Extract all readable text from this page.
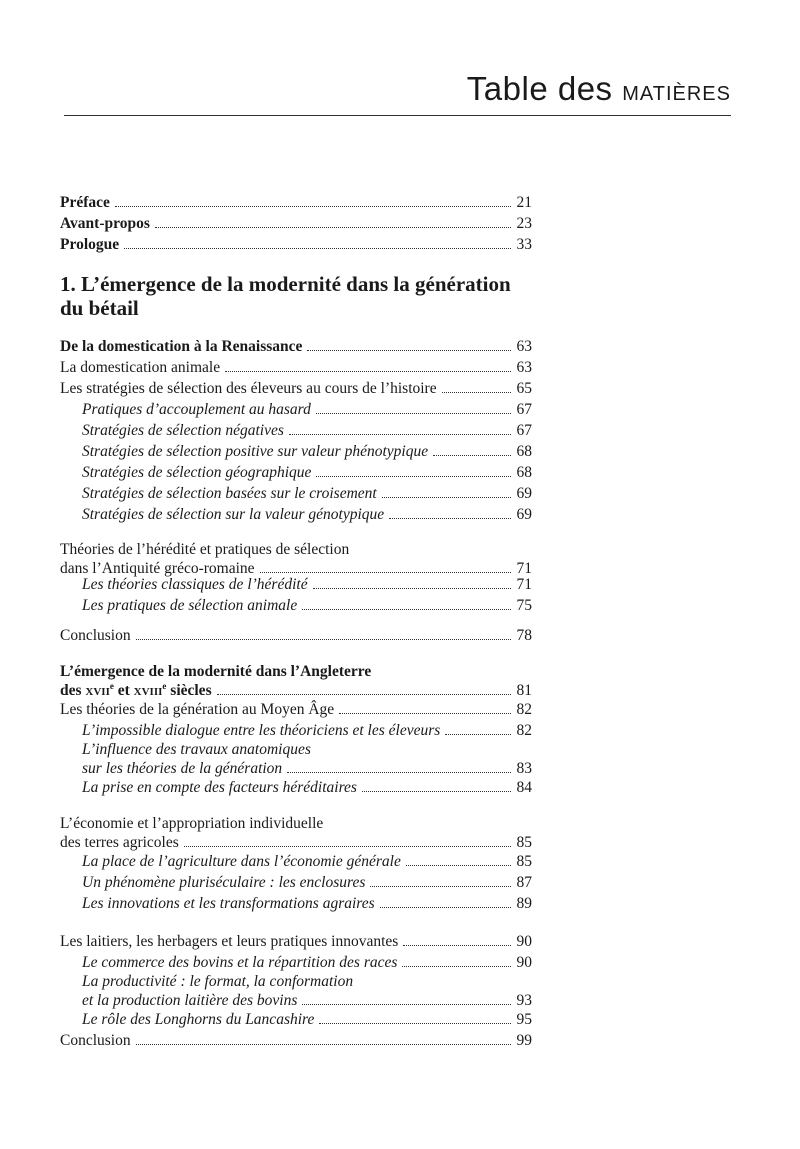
Table des matières
Préface	21
Avant-propos	23
Prologue	33
1. L’émergence de la modernité dans la génération
du bétail
De la domestication à la Renaissance	63
La domestication animale	63
Les stratégies de sélection des éleveurs au cours de l’histoire	65
Pratiques d’accouplement au hasard	67
Stratégies de sélection négatives	67
Stratégies de sélection positive sur valeur phénotypique	68
Stratégies de sélection géographique	68
Stratégies de sélection basées sur le croisement	69
Stratégies de sélection sur la valeur génotypique	69
Théories de l’hérédité et pratiques de sélection
dans l’Antiquité gréco-romaine	71
Les théories classiques de l’hérédité	71
Les pratiques de sélection animale	75
Conclusion	78
L’émergence de la modernité dans l’Angleterre
des xvii$^e$ et xviii$^e$ siècles	81
Les théories de la génération au Moyen Âge	82
L’impossible dialogue entre les théoriciens et les éleveurs	82
L’influence des travaux anatomiques
sur les théories de la génération	83
La prise en compte des facteurs héréditaires	84
L’économie et l’appropriation individuelle
des terres agricoles	85
La place de l’agriculture dans l’économie générale	85
Un phénomène pluriséculaire : les enclosures	87
Les innovations et les transformations agraires	89
Les laitiers, les herbagers et leurs pratiques innovantes	90
Le commerce des bovins et la répartition des races	90
La productivité : le format, la conformation
et la production laitière des bovins	93
Le rôle des Longhorns du Lancashire	95
Conclusion	99
